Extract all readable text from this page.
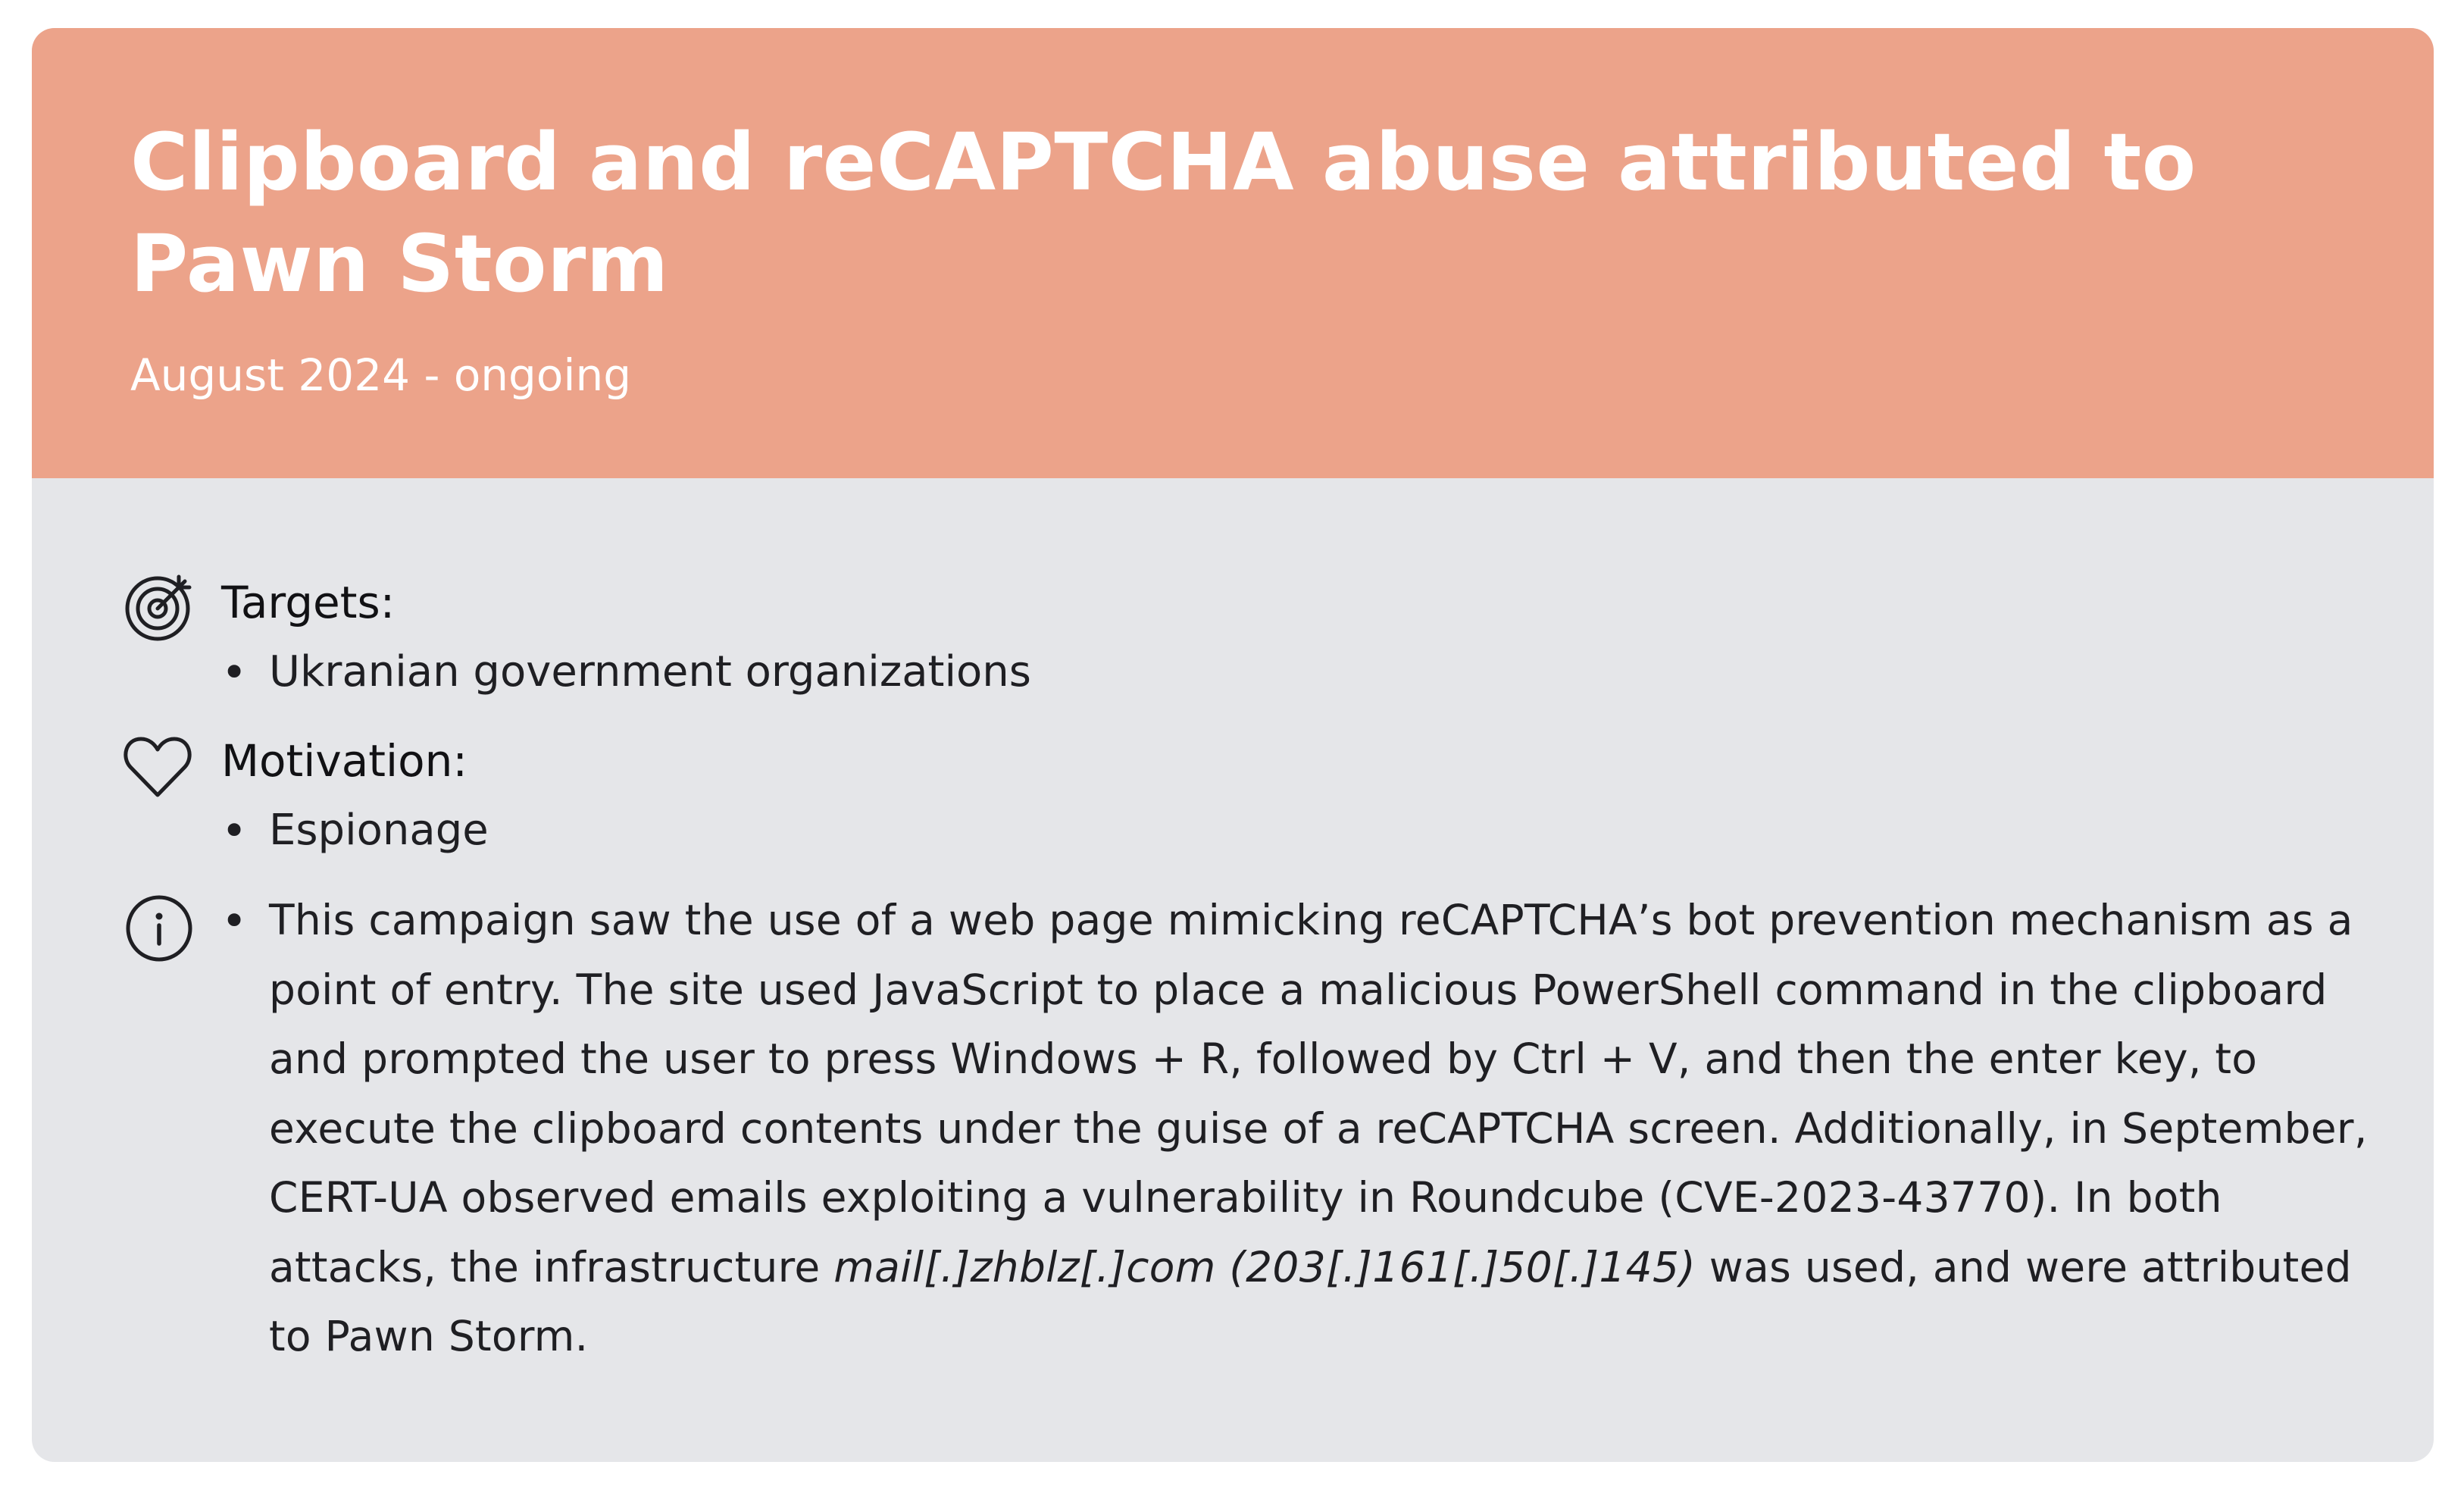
Clipboard and reCAPTCHA abuse attributed to Pawn Storm

August 2024 - ongoing

Targets:

• Ukranian government organizations

Motivation:

• Espionage

• This campaign saw the use of a web page mimicking reCAPTCHA’s bot prevention mechanism as a point of entry. The site used JavaScript to place a malicious PowerShell command in the clipboard and prompted the user to press Windows + R, followed by Ctrl + V, and then the enter key, to execute the clipboard contents under the guise of a reCAPTCHA screen. Additionally, in September, CERT-UA observed emails exploiting a vulnerability in Roundcube (CVE-2023-43770). In both attacks, the infrastructure mail[.]zhblz[.]com (203[.]161[.]50[.]145) was used, and were attributed to Pawn Storm.
